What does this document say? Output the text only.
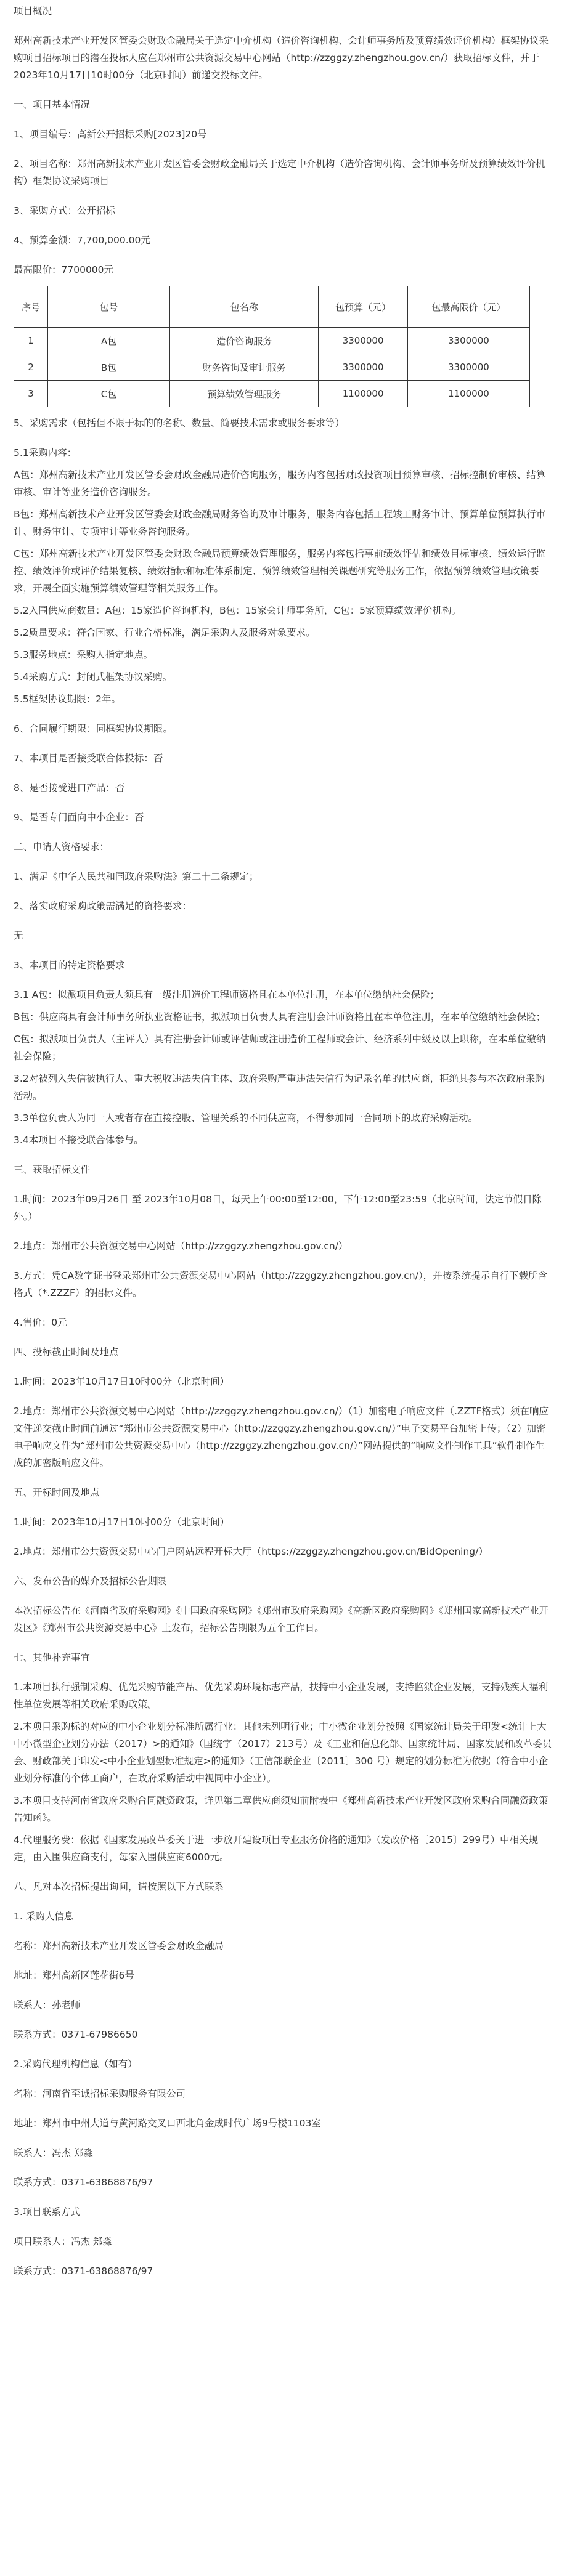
项目概况

郑州高新技术产业开发区管委会财政金融局关于选定中介机构（造价咨询机构、会计师事务所及预算绩效评价机构）框架协议采购项目招标项目的潜在投标人应在郑州市公共资源交易中心网站（http://zzggzy.zhengzhou.gov.cn/）获取招标文件，并于2023年10月17日10时00分（北京时间）前递交投标文件。

一、项目基本情况

1、项目编号：高新公开招标采购[2023]20号

2、项目名称：郑州高新技术产业开发区管委会财政金融局关于选定中介机构（造价咨询机构、会计师事务所及预算绩效评价机构）框架协议采购项目

3、采购方式：公开招标

4、预算金额：7,700,000.00元

最高限价：7700000元

序号	包号	包名称	包预算（元）	包最高限价（元）
1	A包	造价咨询服务	3300000	3300000
2	B包	财务咨询及审计服务	3300000	3300000
3	C包	预算绩效管理服务	1100000	1100000

5、采购需求（包括但不限于标的的名称、数量、简要技术需求或服务要求等）

5.1采购内容：

A包：郑州高新技术产业开发区管委会财政金融局造价咨询服务，服务内容包括财政投资项目预算审核、招标控制价审核、结算审核、审计等业务造价咨询服务。

B包：郑州高新技术产业开发区管委会财政金融局财务咨询及审计服务，服务内容包括工程竣工财务审计、预算单位预算执行审计、财务审计、专项审计等业务咨询服务。

C包：郑州高新技术产业开发区管委会财政金融局预算绩效管理服务，服务内容包括事前绩效评估和绩效目标审核、绩效运行监控、绩效评价或评价结果复核、绩效指标和标准体系制定、预算绩效管理相关课题研究等服务工作，依据预算绩效管理政策要求，开展全面实施预算绩效管理等相关服务工作。

5.2入围供应商数量：A包：15家造价咨询机构，B包：15家会计师事务所，C包：5家预算绩效评价机构。

5.2质量要求：符合国家、行业合格标准，满足采购人及服务对象要求。

5.3服务地点：采购人指定地点。

5.4采购方式：封闭式框架协议采购。

5.5框架协议期限：2年。

6、合同履行期限：同框架协议期限。

7、本项目是否接受联合体投标：否

8、是否接受进口产品：否

9、是否专门面向中小企业：否

二、申请人资格要求：

1、满足《中华人民共和国政府采购法》第二十二条规定；

2、落实政府采购政策需满足的资格要求：

无

3、本项目的特定资格要求

3.1 A包：拟派项目负责人须具有一级注册造价工程师资格且在本单位注册，在本单位缴纳社会保险；

B包：供应商具有会计师事务所执业资格证书，拟派项目负责人具有注册会计师资格且在本单位注册，在本单位缴纳社会保险；

C包：拟派项目负责人（主评人）具有注册会计师或评估师或注册造价工程师或会计、经济系列中级及以上职称，在本单位缴纳社会保险；

3.2对被列入失信被执行人、重大税收违法失信主体、政府采购严重违法失信行为记录名单的供应商，拒绝其参与本次政府采购活动。

3.3单位负责人为同一人或者存在直接控股、管理关系的不同供应商，不得参加同一合同项下的政府采购活动。

3.4本项目不接受联合体参与。

三、获取招标文件

1.时间：2023年09月26日 至 2023年10月08日，每天上午00:00至12:00，下午12:00至23:59（北京时间，法定节假日除外。）

2.地点：郑州市公共资源交易中心网站（http://zzggzy.zhengzhou.gov.cn/）

3.方式：凭CA数字证书登录郑州市公共资源交易中心网站（http://zzggzy.zhengzhou.gov.cn/），并按系统提示自行下载所含格式（*.ZZZF）的招标文件。

4.售价：0元

四、投标截止时间及地点

1.时间：2023年10月17日10时00分（北京时间）

2.地点：郑州市公共资源交易中心网站（http://zzggzy.zhengzhou.gov.cn/）（1）加密电子响应文件（.ZZTF格式）须在响应文件递交截止时间前通过“郑州市公共资源交易中心（http://zzggzy.zhengzhou.gov.cn/）”电子交易平台加密上传；（2）加密电子响应文件为“郑州市公共资源交易中心（http://zzggzy.zhengzhou.gov.cn/）”网站提供的“响应文件制作工具”软件制作生成的加密版响应文件。

五、开标时间及地点

1.时间：2023年10月17日10时00分（北京时间）

2.地点：郑州市公共资源交易中心门户网站远程开标大厅（https://zzggzy.zhengzhou.gov.cn/BidOpening/）

六、发布公告的媒介及招标公告期限

本次招标公告在《河南省政府采购网》《中国政府采购网》《郑州市政府采购网》《高新区政府采购网》《郑州国家高新技术产业开发区》《郑州市公共资源交易中心》上发布，招标公告期限为五个工作日。

七、其他补充事宜

1.本项目执行强制采购、优先采购节能产品、优先采购环境标志产品，扶持中小企业发展，支持监狱企业发展，支持残疾人福利性单位发展等相关政府采购政策。

2.本项目采购标的对应的中小企业划分标准所属行业：其他未列明行业；中小微企业划分按照《国家统计局关于印发<统计上大中小微型企业划分办法（2017）>的通知》（国统字（2017）213号）及《工业和信息化部、国家统计局、国家发展和改革委员会、财政部关于印发<中小企业划型标准规定>的通知》（工信部联企业〔2011〕300 号）规定的划分标准为依据（符合中小企业划分标准的个体工商户，在政府采购活动中视同中小企业）。

3.本项目支持河南省政府采购合同融资政策，详见第二章供应商须知前附表中《郑州高新技术产业开发区政府采购合同融资政策告知函》。

4.代理服务费：依据《国家发展改革委关于进一步放开建设项目专业服务价格的通知》（发改价格〔2015〕299号）中相关规定，由入围供应商支付，每家入围供应商6000元。

八、凡对本次招标提出询问，请按照以下方式联系

1. 采购人信息

名称：郑州高新技术产业开发区管委会财政金融局

地址：郑州高新区莲花街6号

联系人：孙老师

联系方式：0371-67986650

2.采购代理机构信息（如有）

名称：河南省至诚招标采购服务有限公司

地址：郑州市中州大道与黄河路交叉口西北角金成时代广场9号楼1103室

联系人：冯杰 郑淼

联系方式：0371-63868876/97

3.项目联系方式

项目联系人：冯杰 郑淼

联系方式：0371-63868876/97
